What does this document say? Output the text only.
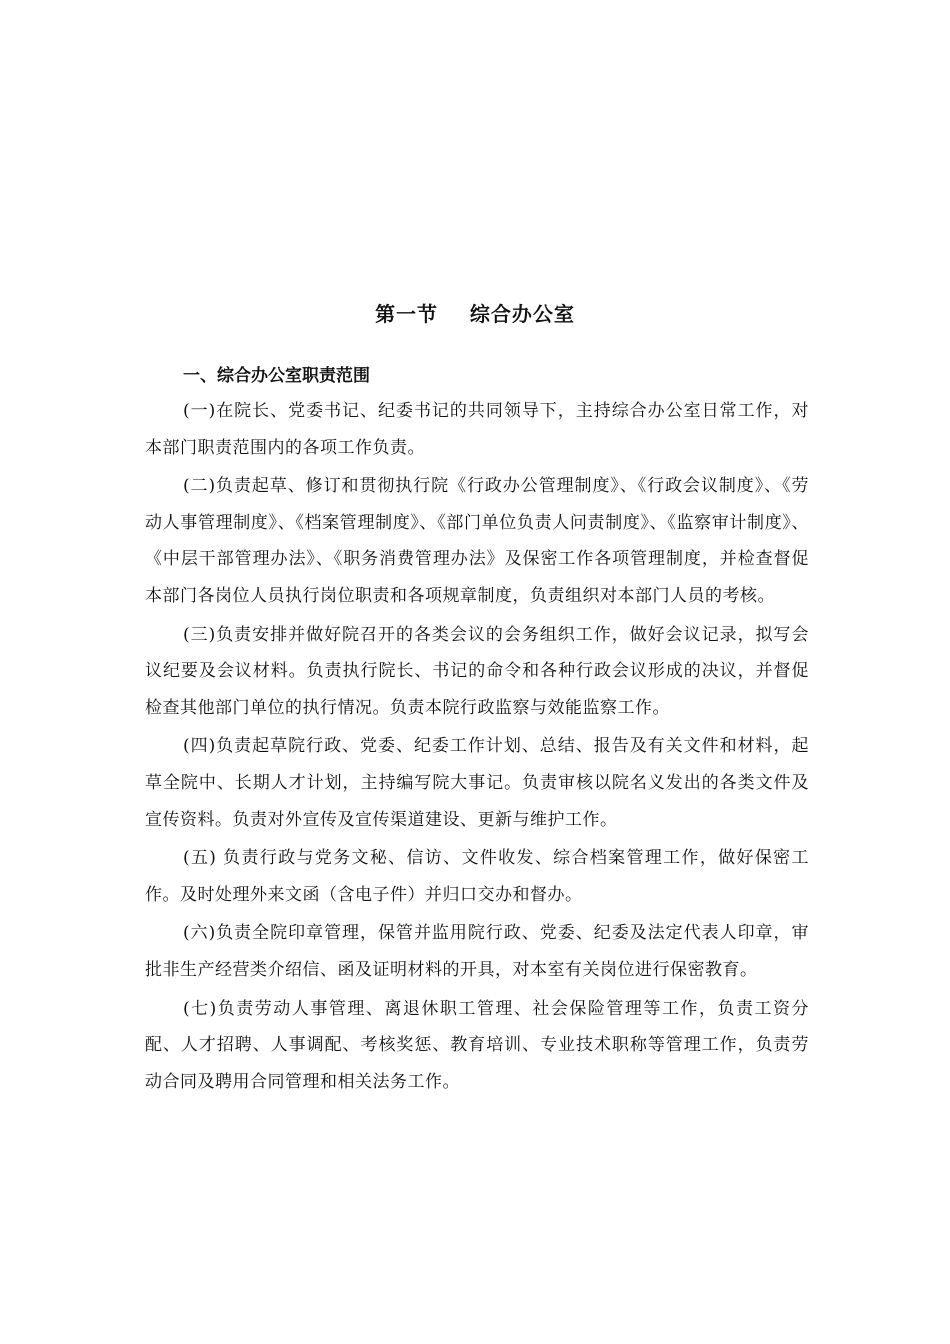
第一节    综合办公室
一、综合办公室职责范围

(一)在院长、党委书记、纪委书记的共同领导下，主持综合办公室日常工作，对本部门职责范围内的各项工作负责。

(二)负责起草、修订和贯彻执行院《行政办公管理制度》、《行政会议制度》、《劳动人事管理制度》、《档案管理制度》、《部门单位负责人问责制度》、《监察审计制度》、《中层干部管理办法》、《职务消费管理办法》及保密工作各项管理制度，并检查督促本部门各岗位人员执行岗位职责和各项规章制度，负责组织对本部门人员的考核。

(三)负责安排并做好院召开的各类会议的会务组织工作，做好会议记录，拟写会议纪要及会议材料。负责执行院长、书记的命令和各种行政会议形成的决议，并督促检查其他部门单位的执行情况。负责本院行政监察与效能监察工作。

(四)负责起草院行政、党委、纪委工作计划、总结、报告及有关文件和材料，起草全院中、长期人才计划，主持编写院大事记。负责审核以院名义发出的各类文件及宣传资料。负责对外宣传及宣传渠道建设、更新与维护工作。

(五) 负责行政与党务文秘、信访、文件收发、综合档案管理工作，做好保密工作。及时处理外来文函（含电子件）并归口交办和督办。

(六)负责全院印章管理，保管并监用院行政、党委、纪委及法定代表人印章，审批非生产经营类介绍信、函及证明材料的开具，对本室有关岗位进行保密教育。

(七)负责劳动人事管理、离退休职工管理、社会保险管理等工作，负责工资分配、人才招聘、人事调配、考核奖惩、教育培训、专业技术职称等管理工作，负责劳动合同及聘用合同管理和相关法务工作。
